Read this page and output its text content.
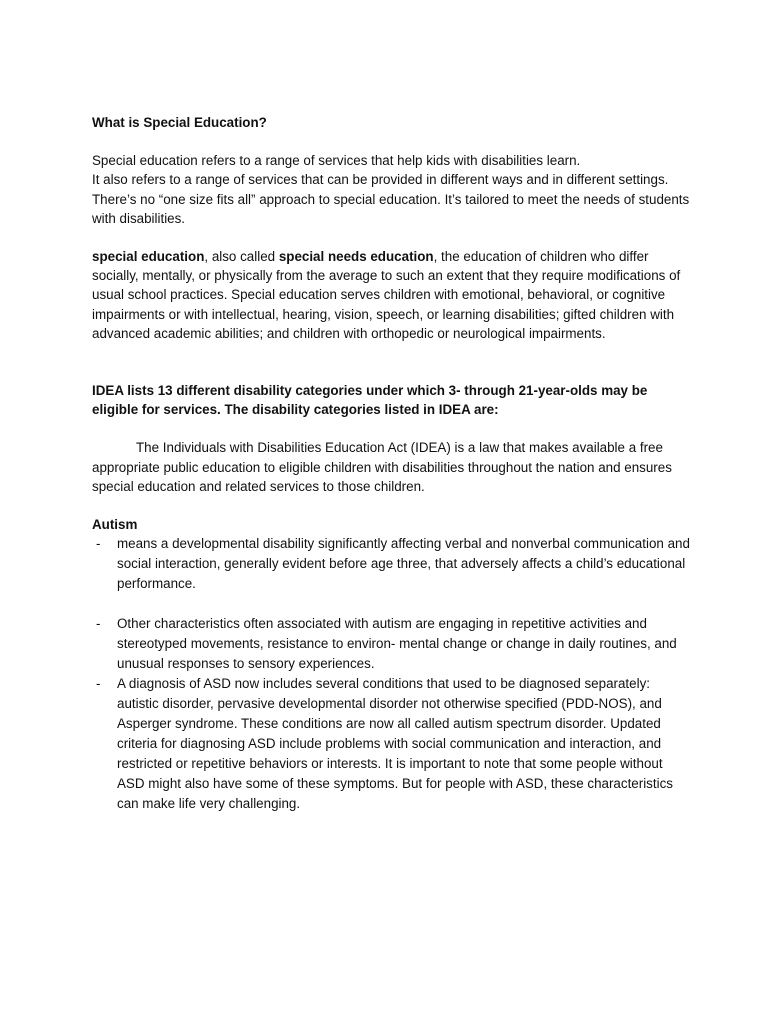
What is Special Education?

Special education refers to a range of services that help kids with disabilities learn.

It also refers to a range of services that can be provided in different ways and in different settings. There’s no “one size fits all” approach to special education. It’s tailored to meet the needs of students with disabilities.

special education, also called special needs education, the education of children who differ socially, mentally, or physically from the average to such an extent that they require modifications of usual school practices. Special education serves children with emotional, behavioral, or cognitive impairments or with intellectual, hearing, vision, speech, or learning disabilities; gifted children with advanced academic abilities; and children with orthopedic or neurological impairments.

IDEA lists 13 different disability categories under which 3- through 21-year-olds may be eligible for services. The disability categories listed in IDEA are:

The Individuals with Disabilities Education Act (IDEA) is a law that makes available a free appropriate public education to eligible children with disabilities throughout the nation and ensures special education and related services to those children.

Autism

- means a developmental disability significantly affecting verbal and nonverbal communication and social interaction, generally evident before age three, that adversely affects a child’s educational performance.
- Other characteristics often associated with autism are engaging in repetitive activities and stereotyped movements, resistance to environ- mental change or change in daily routines, and unusual responses to sensory experiences.
- A diagnosis of ASD now includes several conditions that used to be diagnosed separately: autistic disorder, pervasive developmental disorder not otherwise specified (PDD-NOS), and Asperger syndrome. These conditions are now all called autism spectrum disorder. Updated criteria for diagnosing ASD include problems with social communication and interaction, and restricted or repetitive behaviors or interests. It is important to note that some people without ASD might also have some of these symptoms. But for people with ASD, these characteristics can make life very challenging.
